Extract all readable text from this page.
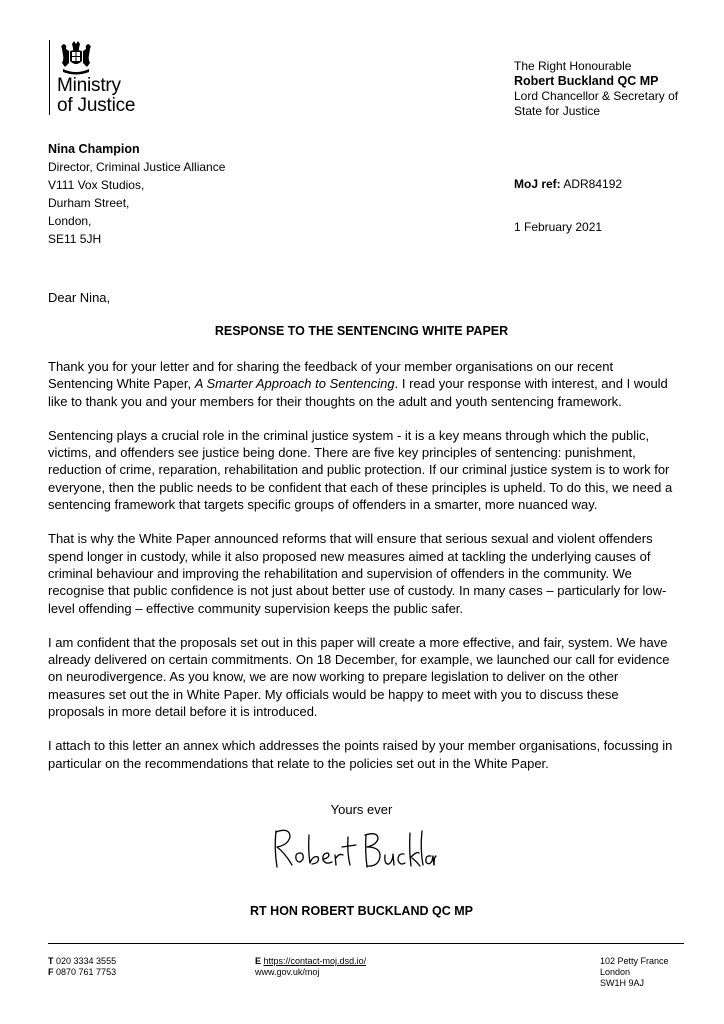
Ministry
of Justice
The Right Honourable
Robert Buckland QC MP
Lord Chancellor & Secretary of
State for Justice
Nina Champion
Director, Criminal Justice Alliance
V111 Vox Studios,
Durham Street,
London,
SE11 5JH
MoJ ref: ADR84192
1 February 2021
Dear Nina,
RESPONSE TO THE SENTENCING WHITE PAPER

Thank you for your letter and for sharing the feedback of your member organisations on our recent Sentencing White Paper, A Smarter Approach to Sentencing. I read your response with interest, and I would like to thank you and your members for their thoughts on the adult and youth sentencing framework.

Sentencing plays a crucial role in the criminal justice system - it is a key means through which the public, victims, and offenders see justice being done. There are five key principles of sentencing: punishment, reduction of crime, reparation, rehabilitation and public protection. If our criminal justice system is to work for everyone, then the public needs to be confident that each of these principles is upheld. To do this, we need a sentencing framework that targets specific groups of offenders in a smarter, more nuanced way.

That is why the White Paper announced reforms that will ensure that serious sexual and violent offenders spend longer in custody, while it also proposed new measures aimed at tackling the underlying causes of criminal behaviour and improving the rehabilitation and supervision of offenders in the community. We recognise that public confidence is not just about better use of custody. In many cases – particularly for low-level offending – effective community supervision keeps the public safer.

I am confident that the proposals set out in this paper will create a more effective, and fair, system. We have already delivered on certain commitments. On 18 December, for example, we launched our call for evidence on neurodivergence. As you know, we are now working to prepare legislation to deliver on the other measures set out the in White Paper. My officials would be happy to meet with you to discuss these proposals in more detail before it is introduced.

I attach to this letter an annex which addresses the points raised by your member organisations, focussing in particular on the recommendations that relate to the policies set out in the White Paper.

Yours ever
RT HON ROBERT BUCKLAND QC MP
T 020 3334 3555
F 0870 761 7753
E https://contact-moj.dsd.io/
www.gov.uk/moj
102 Petty France
London
SW1H 9AJ
